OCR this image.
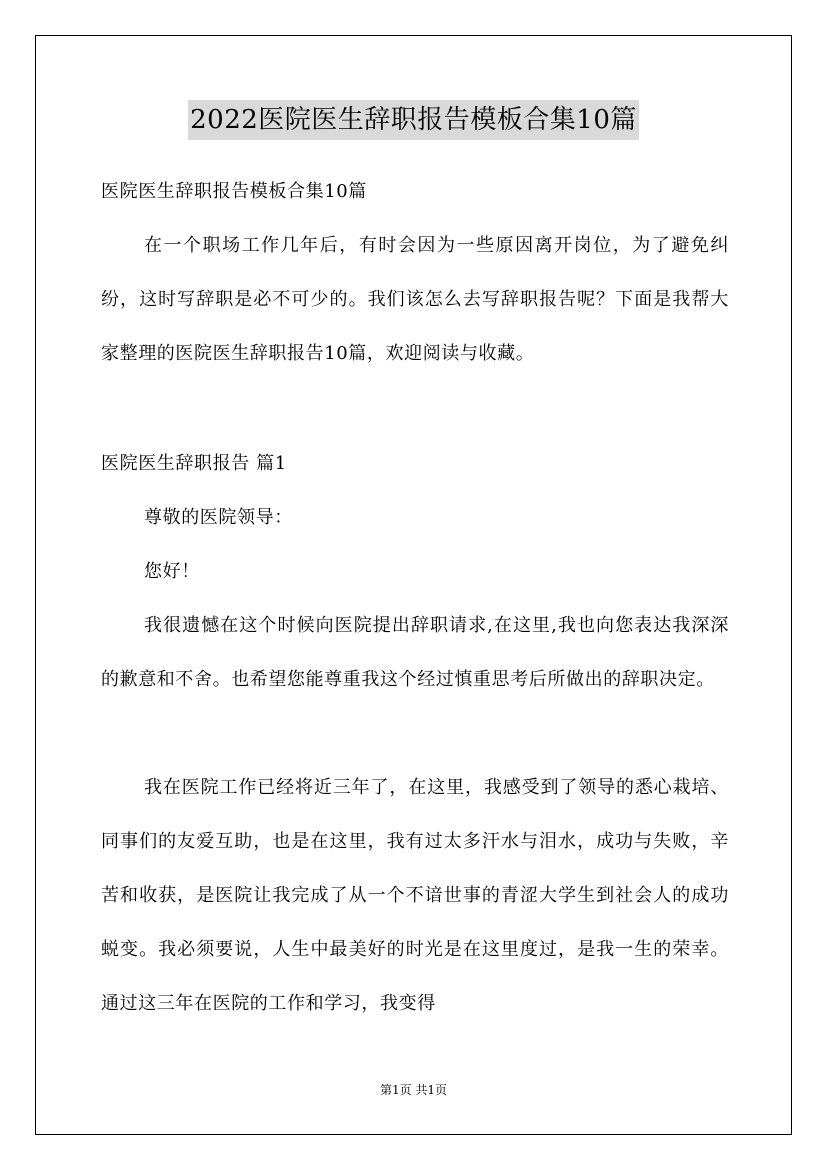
2022医院医生辞职报告模板合集10篇

医院医生辞职报告模板合集10篇

在一个职场工作几年后，有时会因为一些原因离开岗位，为了避免纠纷，这时写辞职是必不可少的。我们该怎么去写辞职报告呢？下面是我帮大家整理的医院医生辞职报告10篇，欢迎阅读与收藏。

医院医生辞职报告 篇1

尊敬的医院领导：

您好！

我很遗憾在这个时候向医院提出辞职请求,在这里,我也向您表达我深深的歉意和不舍。也希望您能尊重我这个经过慎重思考后所做出的辞职决定。

我在医院工作已经将近三年了，在这里，我感受到了领导的悉心栽培、同事们的友爱互助，也是在这里，我有过太多汗水与泪水，成功与失败，辛苦和收获，是医院让我完成了从一个不谙世事的青涩大学生到社会人的成功蜕变。我必须要说，人生中最美好的时光是在这里度过，是我一生的荣幸。通过这三年在医院的工作和学习，我变得

第1页 共1页
